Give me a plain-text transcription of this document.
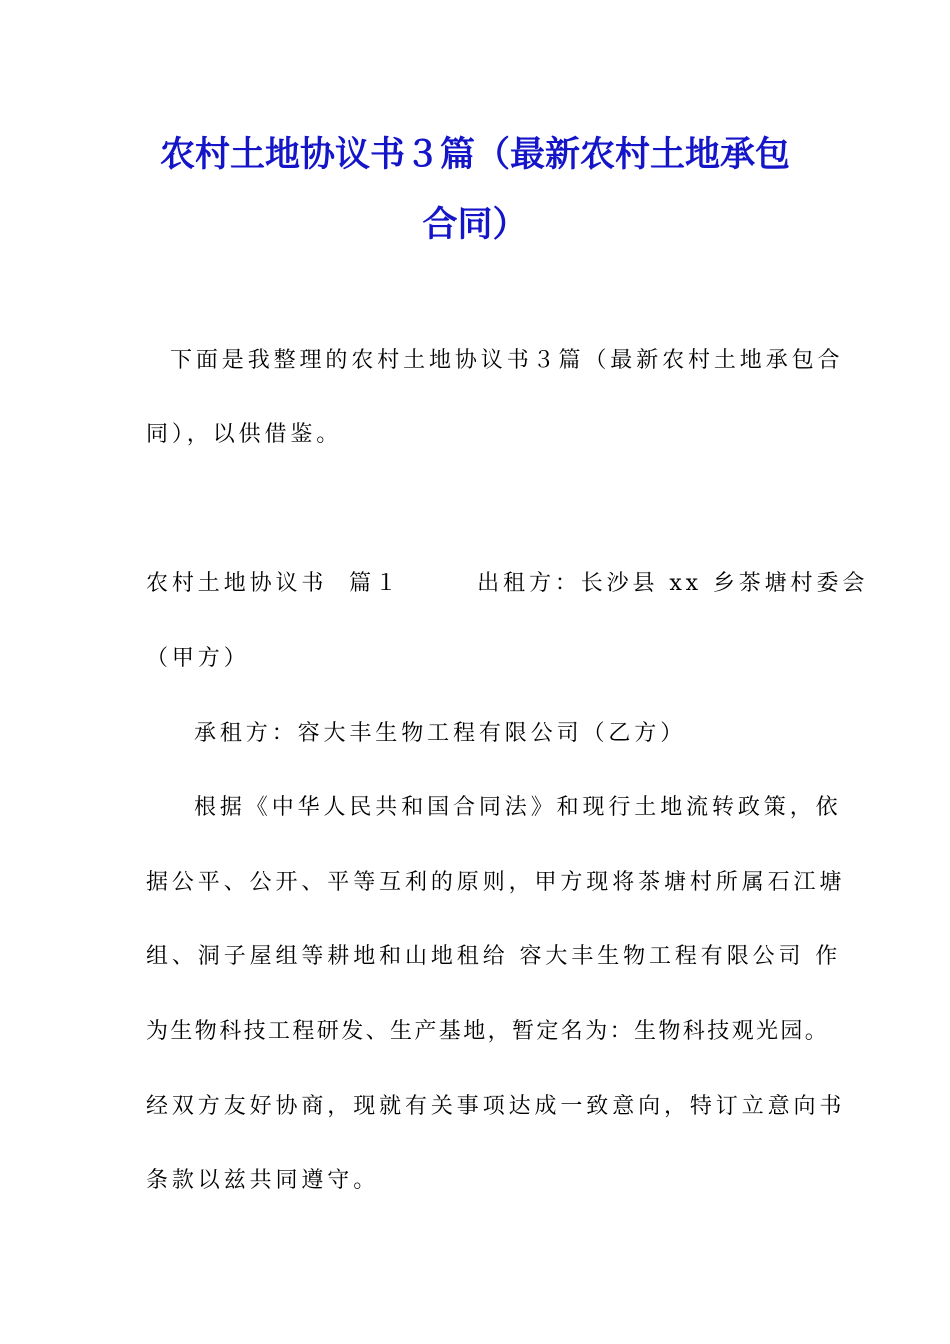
农村土地协议书３篇（最新农村土地承包
合同）
下面是我整理的农村土地协议书３篇（最新农村土地承包合
同），以供借鉴。
农村土地协议书  篇１       出租方：长沙县 xx 乡茶塘村委会
（甲方）
承租方：容大丰生物工程有限公司（乙方）
根据《中华人民共和国合同法》和现行土地流转政策，依
据公平、公开、平等互利的原则，甲方现将茶塘村所属石江塘
组、洞子屋组等耕地和山地租给 容大丰生物工程有限公司 作
为生物科技工程研发、生产基地，暂定名为：生物科技观光园。
经双方友好协商，现就有关事项达成一致意向，特订立意向书
条款以兹共同遵守。
